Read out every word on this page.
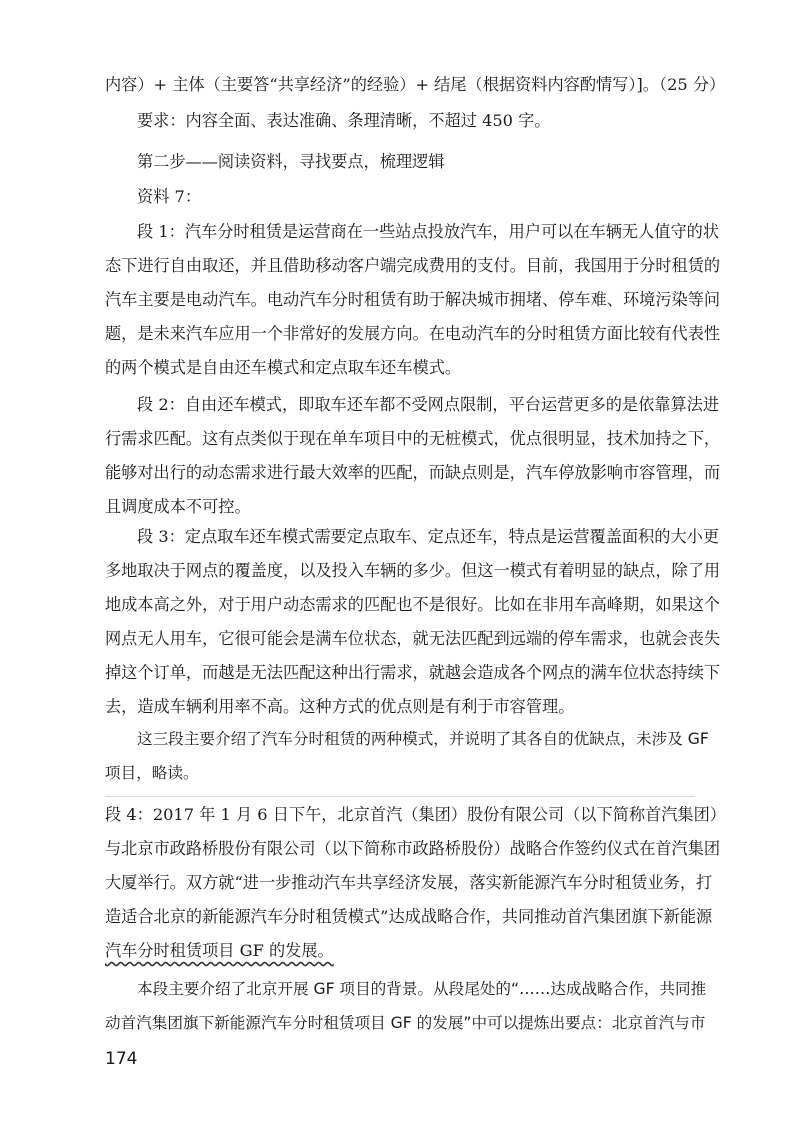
内容）+ 主体（主要答“共享经济”的经验）+ 结尾（根据资料内容酌情写）]。（25 分）
要求：内容全面、表达准确、条理清晰，不超过 450 字。
第二步——阅读资料，寻找要点，梳理逻辑
资料 7：
段 1：汽车分时租赁是运营商在一些站点投放汽车，用户可以在车辆无人值守的状
态下进行自由取还，并且借助移动客户端完成费用的支付。目前，我国用于分时租赁的
汽车主要是电动汽车。电动汽车分时租赁有助于解决城市拥堵、停车难、环境污染等问
题，是未来汽车应用一个非常好的发展方向。在电动汽车的分时租赁方面比较有代表性
的两个模式是自由还车模式和定点取车还车模式。
段 2：自由还车模式，即取车还车都不受网点限制，平台运营更多的是依靠算法进
行需求匹配。这有点类似于现在单车项目中的无桩模式，优点很明显，技术加持之下，
能够对出行的动态需求进行最大效率的匹配，而缺点则是，汽车停放影响市容管理，而
且调度成本不可控。
段 3：定点取车还车模式需要定点取车、定点还车，特点是运营覆盖面积的大小更
多地取决于网点的覆盖度，以及投入车辆的多少。但这一模式有着明显的缺点，除了用
地成本高之外，对于用户动态需求的匹配也不是很好。比如在非用车高峰期，如果这个
网点无人用车，它很可能会是满车位状态，就无法匹配到远端的停车需求，也就会丧失
掉这个订单，而越是无法匹配这种出行需求，就越会造成各个网点的满车位状态持续下
去，造成车辆利用率不高。这种方式的优点则是有利于市容管理。
这三段主要介绍了汽车分时租赁的两种模式，并说明了其各自的优缺点，未涉及 GF
项目，略读。
段 4：2017 年 1 月 6 日下午，北京首汽（集团）股份有限公司（以下简称首汽集团）
与北京市政路桥股份有限公司（以下简称市政路桥股份）战略合作签约仪式在首汽集团
大厦举行。双方就“进一步推动汽车共享经济发展，落实新能源汽车分时租赁业务，打
造适合北京的新能源汽车分时租赁模式”达成战略合作，共同推动首汽集团旗下新能源
汽车分时租赁项目 GF 的发展。
本段主要介绍了北京开展 GF 项目的背景。从段尾处的“……达成战略合作，共同推
动首汽集团旗下新能源汽车分时租赁项目 GF 的发展”中可以提炼出要点：北京首汽与市
174
